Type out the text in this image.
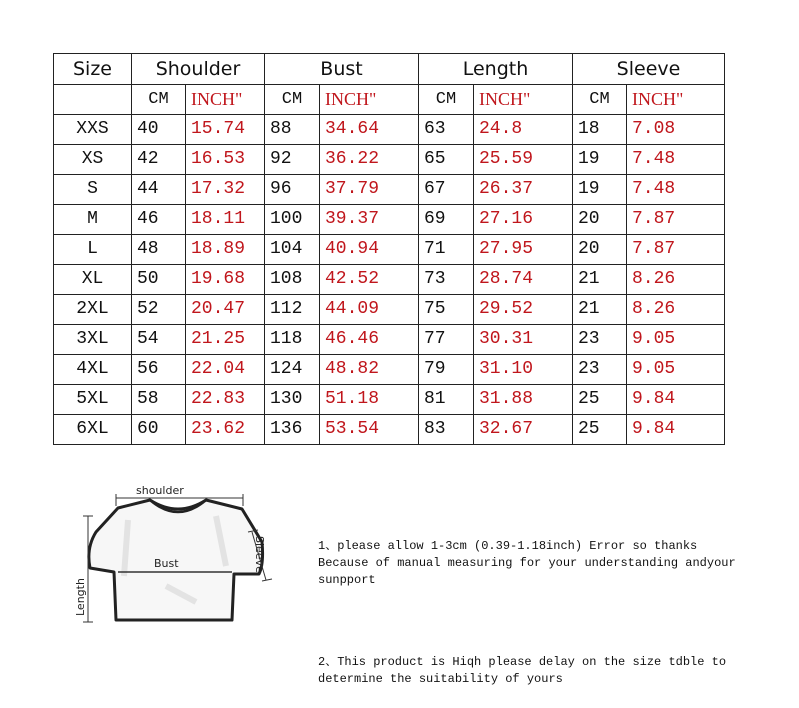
Size	Shoulder		Bust		Length		Sleeve	
	CM	INCH"	CM	INCH"	CM	INCH"	CM	INCH"
XXS	40	15.74	88	34.64	63	24.8	18	7.08
XS	42	16.53	92	36.22	65	25.59	19	7.48
S	44	17.32	96	37.79	67	26.37	19	7.48
M	46	18.11	100	39.37	69	27.16	20	7.87
L	48	18.89	104	40.94	71	27.95	20	7.87
XL	50	19.68	108	42.52	73	28.74	21	8.26
2XL	52	20.47	112	44.09	75	29.52	21	8.26
3XL	54	21.25	118	46.46	77	30.31	23	9.05
4XL	56	22.04	124	48.82	79	31.10	23	9.05
5XL	58	22.83	130	51.18	81	31.88	25	9.84
6XL	60	23.62	136	53.54	83	32.67	25	9.84
shoulder
Bust	Sleeve
Length

1、please allow 1-3cm (0.39-1.18inch) Error so thanks

Because of manual measuring for your understanding andyour

sunpport

2、This product is Hiqh please delay on the size tdble to

determine the suitability of yours
